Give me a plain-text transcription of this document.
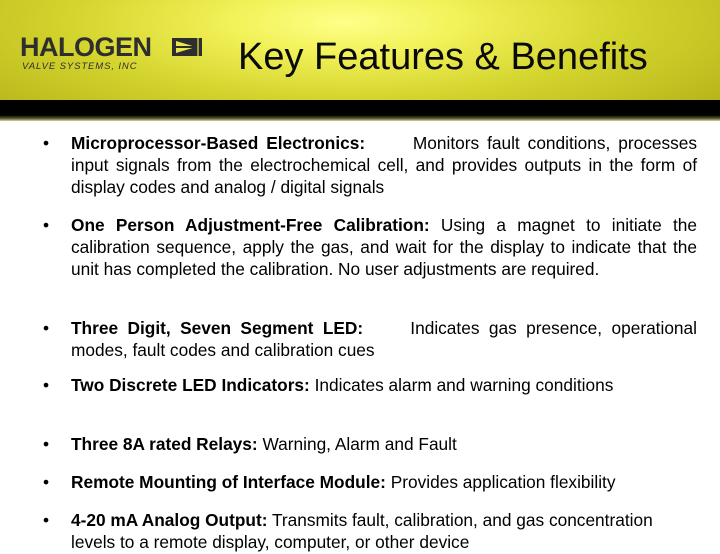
HALOGEN
VALVE SYSTEMS, INC	Key Features & Benefits
• Microprocessor-Based Electronics:	Monitors fault conditions, processes input signals from the electrochemical cell, and provides outputs in the form of display codes and analog / digital signals
• One Person Adjustment-Free Calibration: Using a magnet to initiate the calibration sequence, apply the gas, and wait for the display to indicate that the unit has completed the calibration. No user adjustments are required.
• Three Digit, Seven Segment LED:	Indicates gas presence, operational modes, fault codes and calibration cues
• Two Discrete LED Indicators: Indicates alarm and warning conditions
• Three 8A rated Relays: Warning, Alarm and Fault
• Remote Mounting of Interface Module: Provides application flexibility
• 4-20 mA Analog Output: Transmits fault, calibration, and gas concentration levels to a remote display, computer, or other device
